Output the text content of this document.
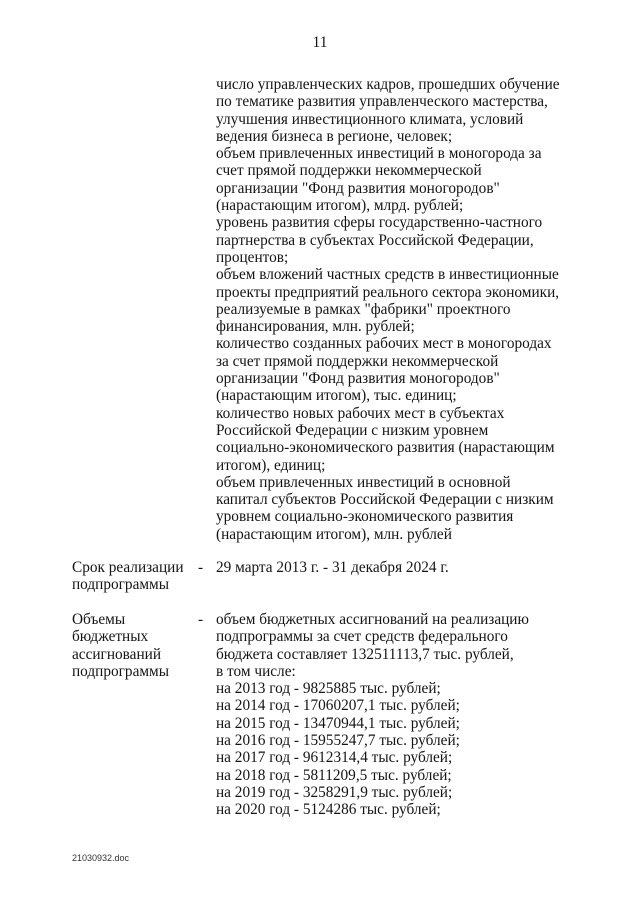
11
число управленческих кадров, прошедших обучение
по тематике развития управленческого мастерства,
улучшения инвестиционного климата, условий
ведения бизнеса в регионе, человек;
объем привлеченных инвестиций в моногорода за
счет прямой поддержки некоммерческой
организации "Фонд развития моногородов"
(нарастающим итогом), млрд. рублей;
уровень развития сферы государственно-частного
партнерства в субъектах Российской Федерации,
процентов;
объем вложений частных средств в инвестиционные
проекты предприятий реального сектора экономики,
реализуемые в рамках "фабрики" проектного
финансирования, млн. рублей;
количество созданных рабочих мест в моногородах
за счет прямой поддержки некоммерческой
организации "Фонд развития моногородов"
(нарастающим итогом), тыс. единиц;
количество новых рабочих мест в субъектах
Российской Федерации с низким уровнем
социально-экономического развития (нарастающим
итогом), единиц;
объем привлеченных инвестиций в основной
капитал субъектов Российской Федерации с низким
уровнем социально-экономического развития
(нарастающим итогом), млн. рублей
Срок реализации
подпрограммы
- 29 марта 2013 г. - 31 декабря 2024 г.
Объемы
бюджетных
ассигнований
подпрограммы
- объем бюджетных ассигнований на реализацию
подпрограммы за счет средств федерального
бюджета составляет 132511113,7 тыс. рублей,
в том числе:
на 2013 год - 9825885 тыс. рублей;
на 2014 год - 17060207,1 тыс. рублей;
на 2015 год - 13470944,1 тыс. рублей;
на 2016 год - 15955247,7 тыс. рублей;
на 2017 год - 9612314,4 тыс. рублей;
на 2018 год - 5811209,5 тыс. рублей;
на 2019 год - 3258291,9 тыс. рублей;
на 2020 год - 5124286 тыс. рублей;
21030932.doc
